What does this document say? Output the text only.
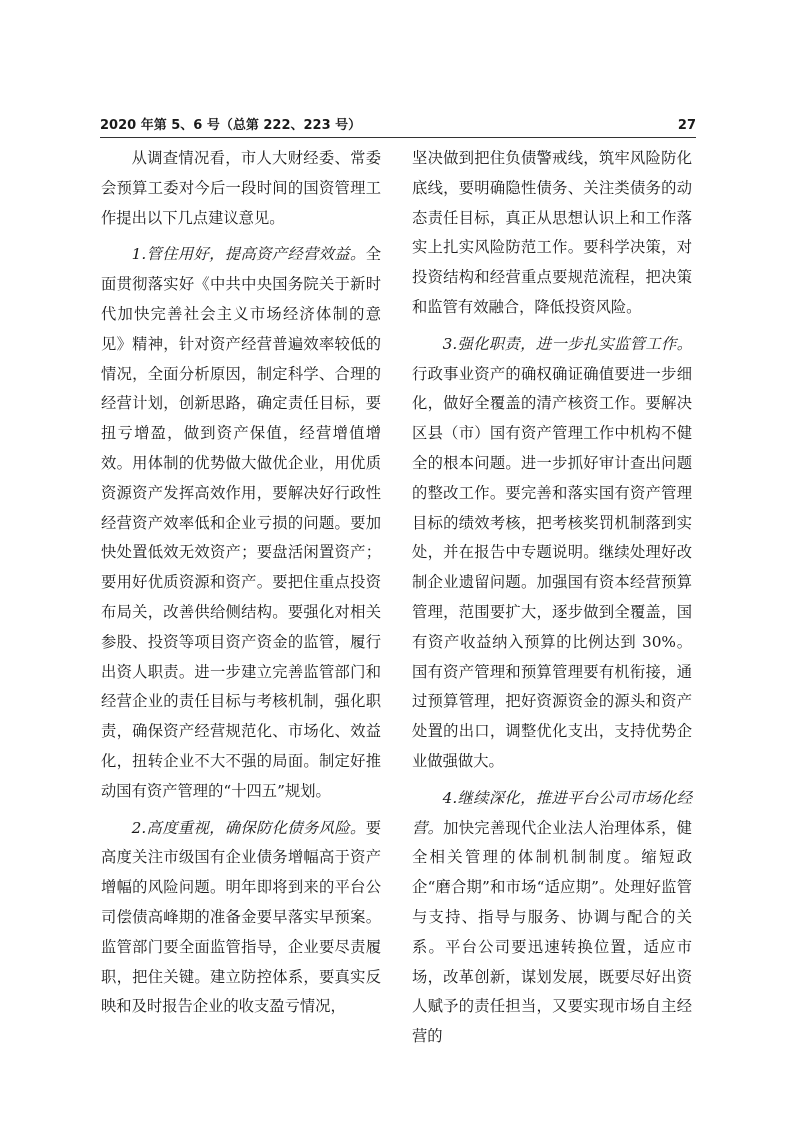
2020 年第 5、6 号（总第 222、223 号）	27

从调查情况看，市人大财经委、常委会预算工委对今后一段时间的国资管理工作提出以下几点建议意见。

1.管住用好，提高资产经营效益。全面贯彻落实好《中共中央国务院关于新时代加快完善社会主义市场经济体制的意见》精神，针对资产经营普遍效率较低的情况，全面分析原因，制定科学、合理的经营计划，创新思路，确定责任目标，要扭亏增盈，做到资产保值，经营增值增效。用体制的优势做大做优企业，用优质资源资产发挥高效作用，要解决好行政性经营资产效率低和企业亏损的问题。要加快处置低效无效资产；要盘活闲置资产；要用好优质资源和资产。要把住重点投资布局关，改善供给侧结构。要强化对相关参股、投资等项目资产资金的监管，履行出资人职责。进一步建立完善监管部门和经营企业的责任目标与考核机制，强化职责，确保资产经营规范化、市场化、效益化，扭转企业不大不强的局面。制定好推动国有资产管理的“十四五”规划。

2.高度重视，确保防化债务风险。要高度关注市级国有企业债务增幅高于资产增幅的风险问题。明年即将到来的平台公司偿债高峰期的准备金要早落实早预案。监管部门要全面监管指导，企业要尽责履职，把住关键。建立防控体系，要真实反映和及时报告企业的收支盈亏情况，

坚决做到把住负债警戒线，筑牢风险防化底线，要明确隐性债务、关注类债务的动态责任目标，真正从思想认识上和工作落实上扎实风险防范工作。要科学决策，对投资结构和经营重点要规范流程，把决策和监管有效融合，降低投资风险。

3.强化职责，进一步扎实监管工作。行政事业资产的确权确证确值要进一步细化，做好全覆盖的清产核资工作。要解决区县（市）国有资产管理工作中机构不健全的根本问题。进一步抓好审计查出问题的整改工作。要完善和落实国有资产管理目标的绩效考核，把考核奖罚机制落到实处，并在报告中专题说明。继续处理好改制企业遗留问题。加强国有资本经营预算管理，范围要扩大，逐步做到全覆盖，国有资产收益纳入预算的比例达到 30%。国有资产管理和预算管理要有机衔接，通过预算管理，把好资源资金的源头和资产处置的出口，调整优化支出，支持优势企业做强做大。

4.继续深化，推进平台公司市场化经营。加快完善现代企业法人治理体系，健全相关管理的体制机制制度。缩短政企“磨合期”和市场“适应期”。处理好监管与支持、指导与服务、协调与配合的关系。平台公司要迅速转换位置，适应市场，改革创新，谋划发展，既要尽好出资人赋予的责任担当，又要实现市场自主经营的
